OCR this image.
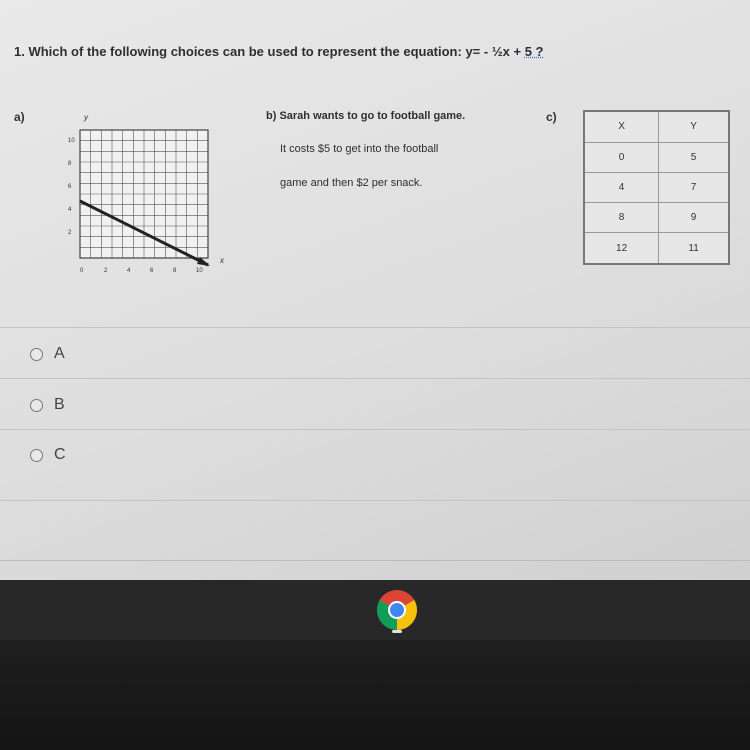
1. Which of the following choices can be used to represent the equation: y= - ½x + 5 ?
a)	y
x
10
8
6
4
2
0	2	4	6	8	10
b) Sarah wants to go to football game.
It costs $5 to get into the football
game and then $2 per snack.
c)
X	Y
0	5
4	7
8	9
12	11
A
B
C
